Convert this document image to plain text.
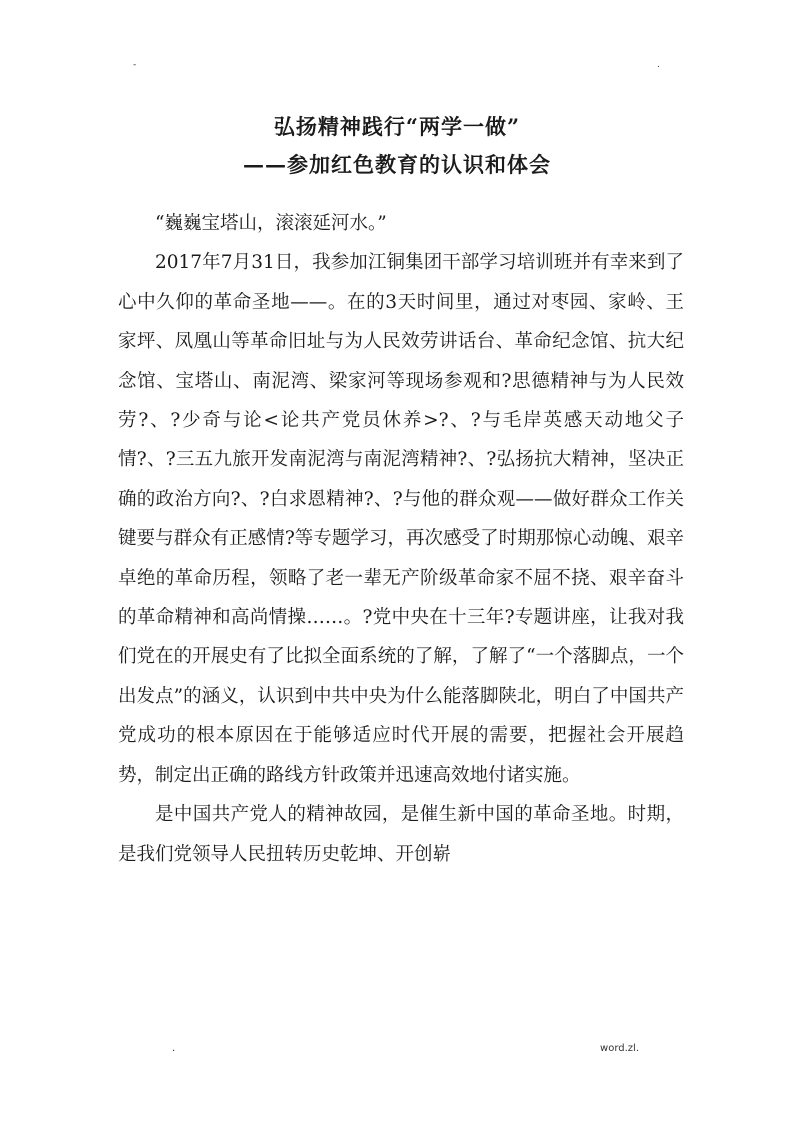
-	.
弘扬精神践行“两学一做”
——参加红色教育的认识和体会

“巍巍宝塔山，滚滚延河水。”

2017年7月31日，我参加江铜集团干部学习培训班并有幸来到了心中久仰的革命圣地——。在的3天时间里，通过对枣园、家岭、王家坪、凤凰山等革命旧址与为人民效劳讲话台、革命纪念馆、抗大纪念馆、宝塔山、南泥湾、梁家河等现场参观和?思德精神与为人民效劳?、?少奇与论<论共产党员休养>?、?与毛岸英感天动地父子情?、?三五九旅开发南泥湾与南泥湾精神?、?弘扬抗大精神，坚决正确的政治方向?、?白求恩精神?、?与他的群众观——做好群众工作关键要与群众有正感情?等专题学习，再次感受了时期那惊心动魄、艰辛卓绝的革命历程，领略了老一辈无产阶级革命家不屈不挠、艰辛奋斗的革命精神和高尚情操……。?党中央在十三年?专题讲座，让我对我们党在的开展史有了比拟全面系统的了解，了解了“一个落脚点，一个出发点”的涵义，认识到中共中央为什么能落脚陕北，明白了中国共产党成功的根本原因在于能够适应时代开展的需要，把握社会开展趋势，制定出正确的路线方针政策并迅速高效地付诸实施。

是中国共产党人的精神故园，是催生新中国的革命圣地。时期，是我们党领导人民扭转历史乾坤、开创崭

.	word.zl.
